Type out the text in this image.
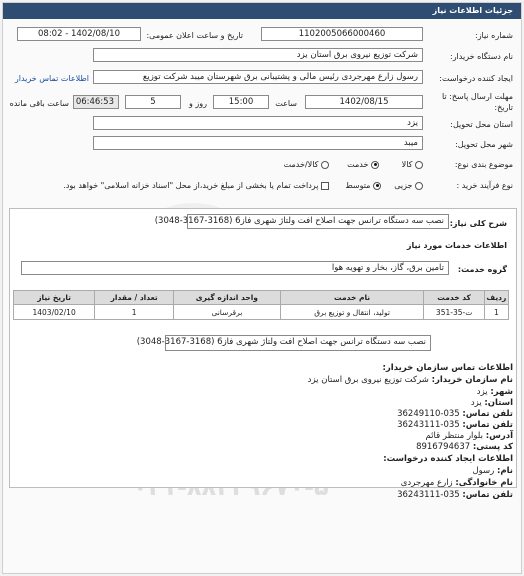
جزئیات اطلاعات نیاز
شماره نیاز:
1102005066000460
تاریخ و ساعت اعلان عمومی:
1402/08/10 - 08:02
نام دستگاه خریدار:
شرکت توزیع نیروی برق استان یزد
ایجاد کننده درخواست:
رسول زارع مهرجردی رئیس مالی و پشتیبانی برق شهرستان میبد شرکت توزیع
اطلاعات تماس خریدار
مهلت ارسال پاسخ: تا تاریخ:
1402/08/15
ساعت
15:00
5	روز و
06:46:53
ساعت باقی مانده
استان محل تحویل:
یزد
شهر محل تحویل:
میبد
موضوع بندی نوع:
کالا
خدمت
کالا/خدمت
نوع فرآیند خرید :
جزیی
متوسط
پرداخت تمام یا بخشی از مبلغ خرید،از محل "اسناد خزانه اسلامی" خواهد بود.
شرح کلی نیاز:
نصب سه دستگاه ترانس جهت اصلاح افت ولتاژ شهری فاز6 (3168-3167-3048)
اطلاعات خدمات مورد نیاز
گروه خدمت:
تامین برق، گاز، بخار و تهویه هوا
ردیف	کد خدمت	نام خدمت	واحد اندازه گیری	تعداد / مقدار	تاریخ نیاز
1	ت-35-351	تولید، انتقال و توزیع برق	برقرسانی	1	1403/02/10
نصب سه دستگاه ترانس جهت اصلاح افت ولتاژ شهری فاز6 (3168-3167-3048)
اطلاعات تماس سازمان خریدار:
نام سازمان خریدار: شرکت توزیع نیروی برق استان یزد
شهر: یزد
استان: یزد
تلفن تماس: 035-36249110
تلفن تماس: 035-36243111
آدرس: بلوار منتظر قائم
کد پستی: 8916794637
اطلاعات ایجاد کننده درخواست:
نام: رسول
نام خانوادگی: زارع مهرجردی
تلفن تماس: 035-36243111
